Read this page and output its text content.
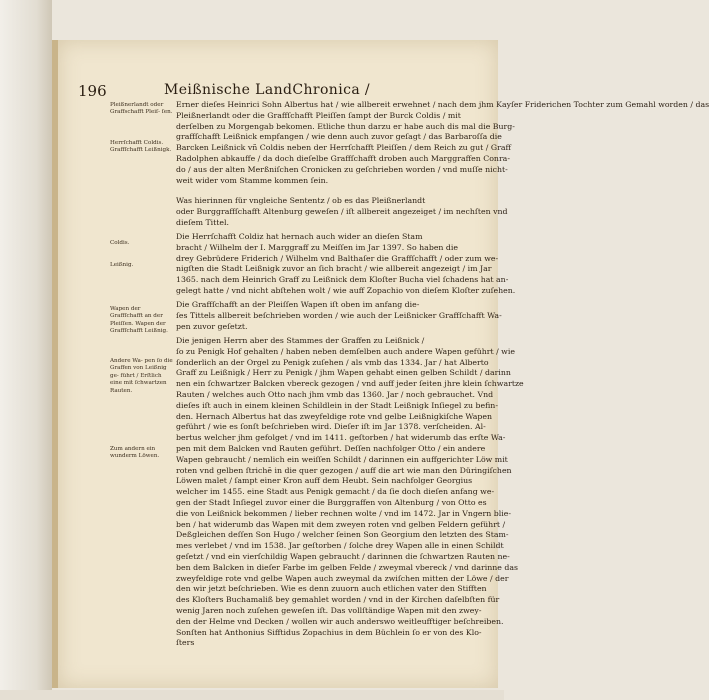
196	Meißnische LandChronica /
Pleißnerlandt oder Graffschafft Pleiſ- ſen.
Herrſchafft Coldis. Graffſchafft Leißnigk.
Coldis.
Leißnig.
Wapen der Graffſchafft an der Pleiſſen. Wapen der Graffſchafft Leißnig.
Andere Wa- pen ſo die Graffen von Leißnig ge- führt / Erſtlich eine mit ſchwartzen Rauten.
Zum andern ein wunderm Löwen.
Erner dieſes Heinrici Sohn Albertus hat / wie allbereit erwehnet / nach dem jhm Kayſer Friderichen Tochter zum Gemahl worden / das
Pleißnerlandt oder die Graffſchafft Pleiſſen ſampt der Burck Coldis / mit
derſelben zu Morgengab bekomen. Etliche thun darzu er habe auch dis mal die Burg-
graffſchafft Leißnick empfangen / wie denn auch zuvor geſagt / das Barbaroſſa die
Barcken Leißnick vñ Coldis neben der Herrſchafft Pleiſſen / dem Reich zu gut / Graff
Radolphen abkauffe / da doch dieſelbe Graffſchafft droben auch Marggraffen Conra-
do / aus der alten Merßniſchen Cronicken zu geſchrieben worden / vnd muſſe nicht-
weit wider vom Stamme kommen ſein.
Was hierinnen für vngleiche Sententz / ob es das Pleißnerlandt
oder Burggraffſchafft Altenburg geweſen / iſt allbereit angezeiget / im nechſten vnd
dieſem Tittel.
Die Herrſchafft Coldiz hat hernach auch wider an dieſen Stam
bracht / Wilhelm der I. Marggraff zu Meiſſen im Jar 1397. So haben die
drey Gebrüdere Friderich / Wilhelm vnd Balthaſer die Graffſchafft / oder zum we-
nigſten die Stadt Leißnigk zuvor an ſich bracht / wie allbereit angezeigt / im Jar
1365. nach dem Heinrich Graff zu Leißnick dem Kloſter Bucha viel ſchadens hat an-
gelegt hatte / vnd nicht abſtehen wolt / wie auff Zopachio von dieſem Kloſter zuſehen.
Die Graffſchafft an der Pleiſſen Wapen iſt oben im anfang die-
ſes Tittels allbereit beſchrieben worden / wie auch der Leißnicker Graffſchafft Wa-
pen zuvor geſetzt.
Die jenigen Herrn aber des Stammes der Graffen zu Leißnick /
ſo zu Penigk Hof gehalten / haben neben demſelben auch andere Wapen geführt / wie
ſonderlich an der Orgel zu Penigk zuſehen / als vmb das 1334. Jar / hat Alberto
Graff zu Leißnigk / Herr zu Penigk / jhm Wapen gehabt einen gelben Schildt / darinn
nen ein ſchwartzer Balcken vbereck gezogen / vnd auff jeder ſeiten jhre klein ſchwartze
Rauten / welches auch Otto nach jhm vmb das 1360. Jar / noch gebrauchet. Vnd
dieſes iſt auch in einem kleinen Schildlein in der Stadt Leißnigk Inſiegel zu befin-
den. Hernach Albertus hat das zweyfeldige rote vnd gelbe Leißnigkiſche Wapen
geführt / wie es ſonſt beſchrieben wird. Dieſer iſt im Jar 1378. verſcheiden. Al-
bertus welcher jhm gefolget / vnd im 1411. geſtorben / hat widerumb das erſte Wa-
pen mit dem Balcken vnd Rauten geführt. Deſſen nachfolger Otto / ein andere
Wapen gebraucht / nemlich ein weiſſen Schildt / darinnen ein auffgerichter Löw mit
roten vnd gelben ſtrichē in die quer gezogen / auff die art wie man den Düringiſchen
Löwen malet / ſampt einer Kron auff dem Heubt. Sein nachfolger Georgius
welcher im 1455. eine Stadt aus Penigk gemacht / da ſie doch dieſen anfang we-
gen der Stadt Inſiegel zuvor einer die Burggraffen von Altenburg / von Otto es
die von Leißnick bekommen / lieber rechnen wolte / vnd im 1472. Jar in Vngern blie-
ben / hat widerumb das Wapen mit dem zweyen roten vnd gelben Feldern geführt /
Deßgleichen deſſen Son Hugo / welcher ſeinen Son Georgium den letzten des Stam-
mes verlebet / vnd im 1538. Jar geſtorben / ſolche drey Wapen alle in einen Schildt
geſetzt / vnd ein vierſchildig Wapen gebraucht / darinnen die ſchwartzen Rauten ne-
ben dem Balcken in dieſer Farbe im gelben Felde / zweymal vbereck / vnd darinne das
zweyfeldige rote vnd gelbe Wapen auch zweymal da zwiſchen mitten der Löwe / der
den wir jetzt beſchrieben. Wie es denn zuuorn auch etlichen vater den Stifften
des Kloſters Buchamaliß bey gemahlet worden / vnd in der Kirchen daſelbſten für
wenig Jaren noch zuſehen geweſen iſt. Das vollſtändige Wapen mit den zwey-
den der Helme vnd Decken / wollen wir auch anderswo weitleufftiger beſchreiben.
Sonſten hat Anthonius Sifftidus Zopachius in dem Büchlein ſo er von des Klo-
ſters
